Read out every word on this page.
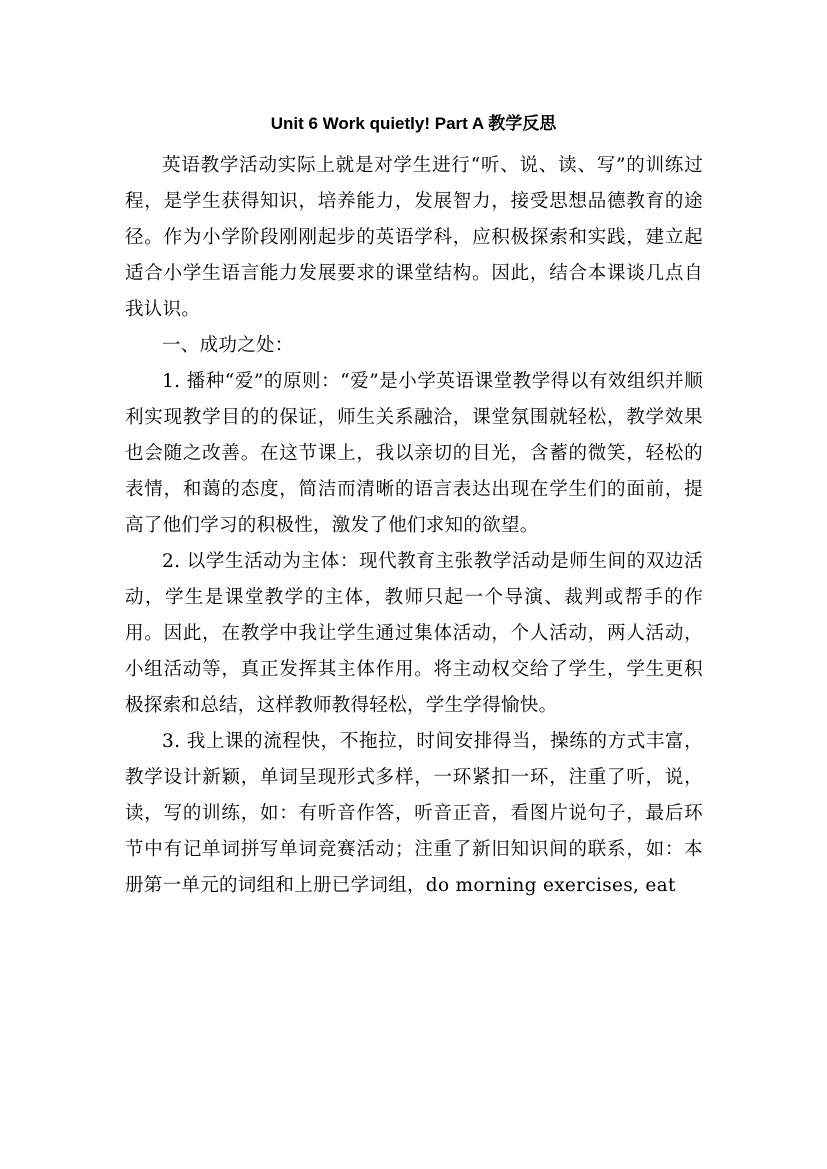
Unit 6 Work quietly! Part A 教学反思

英语教学活动实际上就是对学生进行“听、说、读、写”的训练过程，是学生获得知识，培养能力，发展智力，接受思想品德教育的途径。作为小学阶段刚刚起步的英语学科，应积极探索和实践，建立起适合小学生语言能力发展要求的课堂结构。因此，结合本课谈几点自我认识。

一、成功之处：

1. 播种“爱”的原则：“爱”是小学英语课堂教学得以有效组织并顺利实现教学目的的保证，师生关系融洽，课堂氛围就轻松，教学效果也会随之改善。在这节课上，我以亲切的目光，含蓄的微笑，轻松的表情，和蔼的态度，简洁而清晰的语言表达出现在学生们的面前，提高了他们学习的积极性，激发了他们求知的欲望。

2. 以学生活动为主体：现代教育主张教学活动是师生间的双边活动，学生是课堂教学的主体，教师只起一个导演、裁判或帮手的作用。因此，在教学中我让学生通过集体活动，个人活动，两人活动，小组活动等，真正发挥其主体作用。将主动权交给了学生，学生更积极探索和总结，这样教师教得轻松，学生学得愉快。

3. 我上课的流程快，不拖拉，时间安排得当，操练的方式丰富，教学设计新颖，单词呈现形式多样，一环紧扣一环，注重了听，说，读，写的训练，如：有听音作答，听音正音，看图片说句子，最后环节中有记单词拼写单词竞赛活动；注重了新旧知识间的联系，如：本册第一单元的词组和上册已学词组，do morning exercises, eat
